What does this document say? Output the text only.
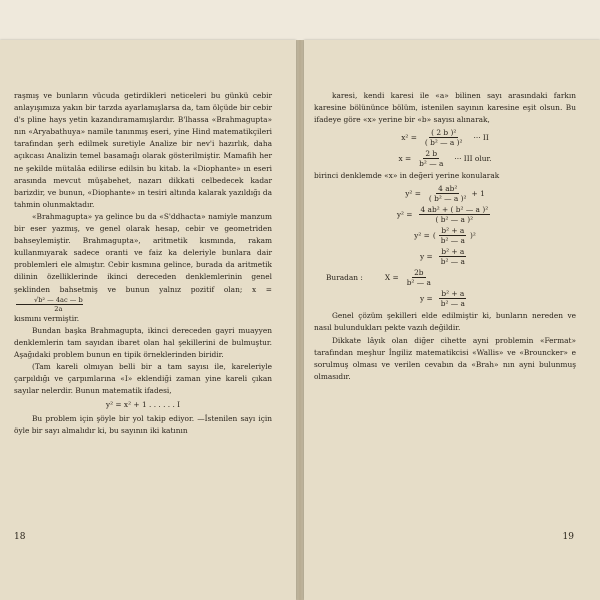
raşmış ve bunların vücuda getirdikleri neticeleri bu günkü cebir anlayışımıza yakın bir tarzda ayarlamışlarsa da, tam ölçüde bir cebir d's pline hays yetin kazandıramamışlardır. B'lhassa «Brahmagupta» nın «Aryabathuya» namile tanınmış eseri, yine Hind matematikçileri tarafından şerh edilmek suretiyle Analize bir nev'i hazırlık, daha açıkcası Analizin temel basamağı olarak gösterilmiştir. Mamafih her ne şekilde mütalâa edilirse edilsin bu kitab. la «Diophante» ın eseri arasında mevcut müşabehet, nazarı dikkati celbedecek kadar barizdir, ve bunun, «Diophante» ın tesiri altında kalarak yazıldığı da tahmin olunmaktadır.

«Brahmagupta» ya gelince bu da «S'ddhacta» namiyle manzum bir eser yazmış, ve genel olarak hesap, cebir ve geometriden bahseylemiştir. Brahmagupta», aritmetik kısmında, rakam kullanmıyarak sadece oranti ve faiz ka deleriyle bunlara dair problemleri ele almıştır. Cebir kısmına gelince, burada da aritmetik dilinin özelliklerinde ikinci dereceden denklemlerinin genel şeklinden bahsetmiş ve bunun yalnız pozitif olan; x =
$\frac{\text{√b² — 4ac — b}}{2a}$

kısmını vermiştir.

Bundan başka Brahmagupta, ikinci dereceden gayri muayyen denklemlerin tam sayıdan ibaret olan hal şekillerini de bulmuştur. Aşağıdaki problem bunun en tipik örneklerinden biridir.

(Tam kareli olmıyan belli bir a tam sayısı ile, kareleriyle çarpıldığı ve çarpımlarına «I» eklendiği zaman yine kareli çıkan sayılar nelerdir. Bunun matematik ifadesi,

y² = x² + 1 . . . . . . I

Bu problem için şöyle bir yol takip ediyor. —İstenilen sayı için öyle bir sayı almalıdır ki, bu sayının iki katının

18

karesi, kendi karesi ile «a» bilinen sayı arasındaki farkın karesine bölününce bölüm, istenilen sayının karesine eşit olsun. Bu ifadeye göre «x» yerine bir «b» sayısı alınarak,

$x^2 = \frac{\text{( 2 b )²}}{\text{( b² — a )²}}$ ··· II
$x = \frac{2 b}{\text{b² — a}}$ ··· III olur.

birinci denklemde «x» in değeri yerine konularak

$y^2 = \frac{\text{4 ab²}}{\text{( b² — a )²}} + 1$
$y^2 = \frac{\text{4 ab² + ( b² — a )²}}{\text{( b² — a )²}}$
y² = ( $\frac{\text{b² + a}}{\text{b² — a}} )^2$
$y = \frac{\text{b² + a}}{\text{b² — a}}$
Buradan :	$X = \frac{2b}{\text{b² — a}}$
$y = \frac{\text{b² + a}}{\text{b² — a}}$

Genel çözüm şekilleri elde edilmiştir ki, bunların nereden ve nasıl bulundukları pekte vazıh değildir.

Dikkate lâyık olan diğer cihette ayni problemin «Fermat» tarafından meşhur İngiliz matematikcisi «Wallis» ve «Brouncker» e sorulmuş olması ve verilen cevabın da «Brah» nın ayni bulunmuş olmasıdır.

19
